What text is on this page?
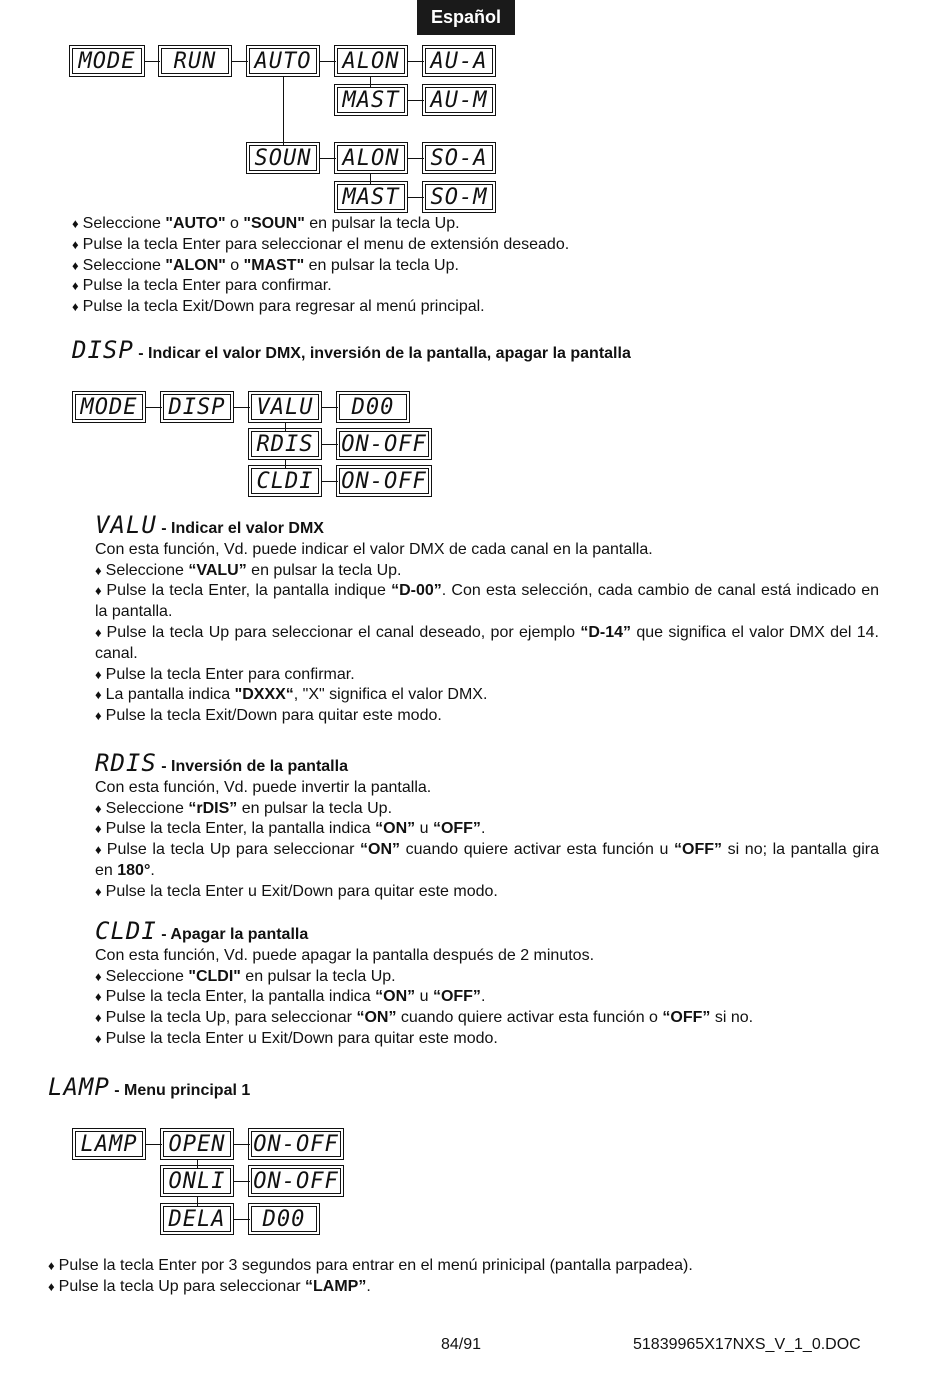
Español
MODE	RUN	AUTO ALON AU-A
MAST AU-M
SOUN ALON SO-A
MAST SO-M
♦ Seleccione "AUTO" o "SOUN" en pulsar la tecla Up.
♦ Pulse la tecla Enter para seleccionar el menu de extensión deseado.
♦ Seleccione "ALON" o "MAST" en pulsar la tecla Up.
♦ Pulse la tecla Enter para confirmar.
♦ Pulse la tecla Exit/Down para regresar al menú principal.
DISP - Indicar el valor DMX, inversión de la pantalla, apagar la pantalla
MODE DISP VALU	D00
RDIS ON-OFF
CLDI ON-OFF
VALU - Indicar el valor DMX
Con esta función, Vd. puede indicar el valor DMX de cada canal en la pantalla.
♦ Seleccione “VALU” en pulsar la tecla Up.
♦ Pulse la tecla Enter, la pantalla indique “D-00”. Con esta selección, cada cambio de canal está indicado en la pantalla.
♦ Pulse la tecla Up para seleccionar el canal deseado, por ejemplo “D-14” que significa el valor DMX del 14. canal.
♦ Pulse la tecla Enter para confirmar.
♦ La pantalla indica "DXXX“, "X" significa el valor DMX.
♦ Pulse la tecla Exit/Down para quitar este modo.
RDIS - Inversión de la pantalla
Con esta función, Vd. puede invertir la pantalla.
♦ Seleccione “rDIS” en pulsar la tecla Up.
♦ Pulse la tecla Enter, la pantalla indica “ON” u “OFF”.
♦ Pulse la tecla Up para seleccionar “ON” cuando quiere activar esta función u “OFF” si no; la pantalla gira en 180°.
♦ Pulse la tecla Enter u Exit/Down para quitar este modo.
CLDI - Apagar la pantalla
Con esta función, Vd. puede apagar la pantalla después de 2 minutos.
♦ Seleccione "CLDI" en pulsar la tecla Up.
♦ Pulse la tecla Enter, la pantalla indica “ON” u “OFF”.
♦ Pulse la tecla Up, para seleccionar “ON” cuando quiere activar esta función o “OFF” si no.
♦ Pulse la tecla Enter u Exit/Down para quitar este modo.
LAMP - Menu principal 1
LAMP OPEN ON-OFF
ONLI ON-OFF
DELA	D00
♦ Pulse la tecla Enter por 3 segundos para entrar en el menú prinicipal (pantalla parpadea).
♦ Pulse la tecla Up para seleccionar “LAMP”.
84/91	51839965X17NXS_V_1_0.DOC
